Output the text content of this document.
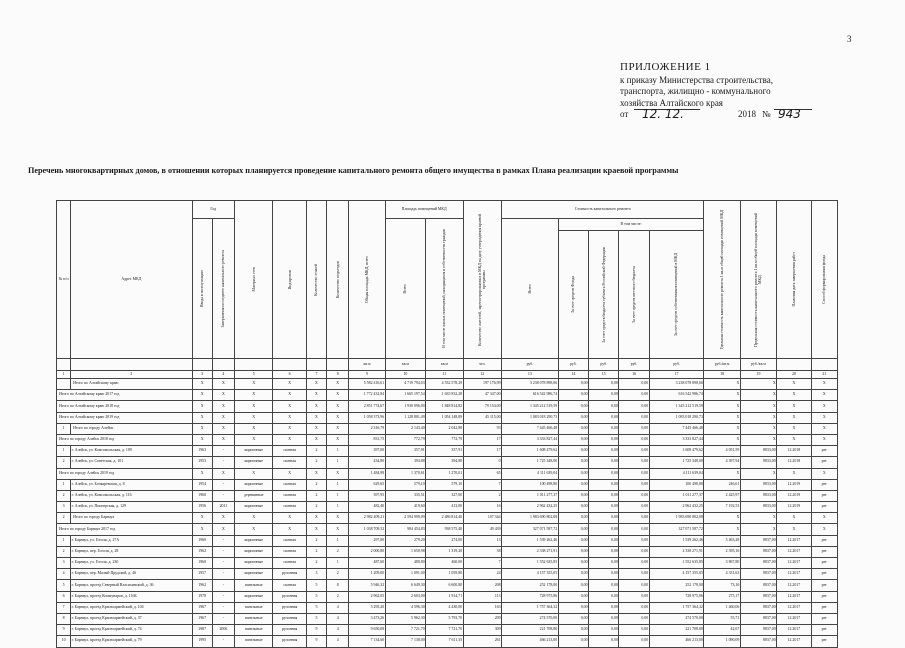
3
ПРИЛОЖЕНИЕ 1
к приказу Министерства строительства,
транспорта, жилищно - коммунального
хозяйства Алтайского края
от 12. 12.	2018 № 943
Перечень многоквартирных домов, в отношении которых планируется проведение капитального ремонта общего имущества в рамках Плана реализации краевой программы
№ п/п	Адрес МКД	Год		Материал стен	Вид кровли	Количество этажей	Количество подъездов	Общая площадь МКД, всего	Площадь помещений МКД		Количество жителей, зарегистрированных в МКД на дату утверждения краевой программы	Стоимость капитального ремонта					Удельная стоимость капитального ремонта 1 кв.м общей площади помещений МКД	Предельная стоимость капитального ремонта 1 кв.м общей площади помещений МКД	Плановая дата завершения работ	Способ формирования фонда

		Ввода в эксплуатацию	Завершения последнего капитального ремонта						Всего	В том числе жилых помещений, находящихся в собственности граждан		Всего	В том числе:							

													За счет средств Фонда	За счет средств бюджета субъекта Российской Федерации	За счет средств местного бюджета	За счет средств собственников помещений в МКД				

								кв.м	кв.м	кв.м	чел.	руб.	руб.	руб.	руб.	руб.	руб./кв.м	руб./кв.м		
1	2	3	4	5	6	7	8	9	10	11	12	13	14	15	16	17	18	19	20	21
	Итого по Алтайскому краю	X	X	X	X	X	X	5 582 416,61	4 719 794,03	4 532 578,29	197 176,99	3 238 078 898,06	0,00	0,00	0,00	3 238 078 898,06	X	X	X	X
Итого по Алтайскому краю 2017 год		X	X	X	X	X	X	1 772 432,84	1 665 197,54	1 635 832,28	47 347,00	616 542 986,74	0,00	0,00	0,00	616 542 986,74	X	X	X	X
Итого по Алтайскому краю 2018 год		X	X	X	X	X	X	2 851 774,67	1 930 096,00	1 848 814,82	79 154,00	1 345 212 519,59	0,00	0,00	0,00	1 345 212 519,59	X	X	X	X
Итого по Алтайскому краю 2019 год		X	X	X	X	X	X	1 058 373,96	1 128 801,49	1 054 148,89	45 115,00	1 083 018 290,73	0,00	0,00	0,00	1 083 018 290,73	X	X	X	X
1	Итого по городу Алейск	X	X	X	X	X	X	2 316,79	2 143,40	2 042,88	93	7 445 466,48	0,00	0,00	0,00	7 445 466,48	X	X	X	X
Итого по городу Алейск 2018 год		X	X	X	X	X	X	831,75	772,79	772,79	17	3 333 827,44	0,00	0,00	0,00	3 333 827,44	X	X	X	X
1	г. Алейск, ул. Комсомольская, д. 109	1963	-	кирпичные	скатная	2	1	397,00	357,91	357,91	17	1 608 479,62	0,00	0,00	0,00	1 608 479,62	4 051,59	8833,00	12.2018	рег
2	г. Алейск, ул. Советская, д. 101	1953	-	кирпичные	скатная	2	1	434,80	394,88	394,88	0	1 725 348,00	0,00	0,00	0,00	1 725 348,00	4 397,94	8833,00	12.2018	рег
Итого по городу Алейск 2019 год		X	X	X	X	X	X	1 484,98	1 370,61	1 270,01	65	4 111 639,04	0,00	0,00	0,00	4 111 639,04	X	X	X	X
1	г. Алейск, ул. Бочкаревская, д. 8	1954	-	кирпичные	скатная	2	1	629,65	579,10	579,10	7	100 498,80	0,00	0,00	0,00	100 498,80	246,61	8833,00	12.2019	рег
2	г. Алейск, ул. Комсомольская, д. 116	1960	-	деревянные	скатная	2	1	397,95	335,51	327,00	2	1 011 277,37	0,00	0,00	0,00	1 011 277,37	2 425,97	8833,00	12.2019	рег
3	г. Алейск, ул. Пионерская, д. 129	1956	2011	кирпичные	скатная	2	1	482,40	419,60	413,00	16	2 962 432,25	0,00	0,00	0,00	2 962 432,25	7 192,53	8833,00	12.2019	рег
2	Итого по городу Барнаул	X	X	X	X	X	X	2 982 409,21	2 594 999,09	2 486 814,40	107 344	1 983 690 802,08	0,00	0,00	0,00	1 983 690 802,08	X	X	X	X
Итого по городу Барнаул 2017 год		X	X	X	X	X	X	1 038 709,52	984 454,83	938 575,40	49 439	327 071 587,72	0,00	0,00	0,00	327 071 587,72	X	X	X	X
1	г. Барнаул, ул. Гоголя, д. 27А	1960	-	кирпичные	скатная	2	1	297,00	279,20	274,00	13	1 539 262,46	0,00	0,00	0,00	1 539 262,46	5 463,28	8837,00	12.2017	рег
2	г. Барнаул, пер. Гоголя, д. 28	1962	-	кирпичные	скатная	2	2	2 000,80	1 650,98	1 319,20	38	2 338 271,91	0,00	0,00	0,00	2 338 271,91	2 395,16	8837,00	12.2017	рег
3	г. Барнаул, ул. Гоголя, д. 230	1960	-	кирпичные	скатная	2	1	487,60	480,80	460,00	7	1 552 635,85	0,00	0,00	0,00	1 552 635,85	3 867,80	8837,00	12.2017	рег
4	г. Барнаул, пер. Малый Прудской, д. 46	1957	-	кирпичные	рулонная	3	2	1 209,00	1 091,00	1 059,80	24	4 157 355,05	0,00	0,00	0,00	4 157 355,05	4 331,63	8837,00	12.2017	рег
5	г. Барнаул, проезд Северный Власихинский, д. 36	1962	-	панельные	скатная	5	8	5 946,32	6 649,30	6 600,80	208	252 178,00	0,00	0,00	0,00	252 178,00	73,16	8837,00	12.2017	рег
6	г. Барнаул, проезд Коммунаров, д. 116Б	1978	-	кирпичные	рулонная	5	2	2 962,05	2 603,00	1 914,71	113	728 975,86	0,00	0,00	0,00	728 975,86	275,17	8837,00	12.2017	рег
7	г. Барнаул, проезд Красноармейский, д. 104	1967	-	панельные	рулонная	5	4	5 295,20	4 596,30	4 430,00	163	1 757 364,32	0,00	0,00	0,00	1 757 364,32	1 460,06	8837,00	12.2017	рег
8	г. Барнаул, проезд Красноармейский, д. 37	1967	-	панельные	рулонная	5	4	3 473,26	5 962,30	5 793,70	209	274 570,00	0,00	0,00	0,00	274 570,00	55,71	8837,00	12.2017	рег
9	г. Барнаул, проезд Красноармейский, д. 74	1987	2006	панельные	рулонная	9	4	9 650,08	7 721,70	7 721,70	309	221 708,80	0,00	0,00	0,00	221 708,80	42,67	8837,00	12.2017	рег
10	г. Барнаул, проезд Красноармейский, д. 79	1995	-	панельные	рулонная	9	4	7 134,60	7 138,00	7 611,35	261	466 213,00	0,00	0,00	0,00	466 213,00	1 090,09	8837,00	12.2017	рег
